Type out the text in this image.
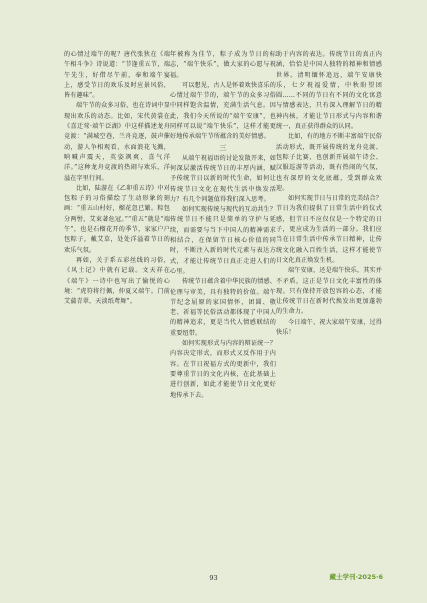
的心情过端午的呢？唐代张狄在《端午相斗争》诗说道：“节逢重五节，端午先生，好借尽午前，奉和端午宴上，感受节日的欢乐及时应景风俗，皆有趣味”。

端午节的众多习俗，也在诗词中显现出欢乐的动态。比如，宋代黄裳在《喜迁莺·端午泛湖》中这样描述龙舟竞渡：“满城空巷，兰舟竞逐，鼓声催动，游人争相观看，水面浪花飞溅，呐喊声震天，英姿飒爽，喜气洋洋。”这种龙舟竞渡的热闹与欢乐，洋溢在字里行间。

比如，陆游在《乙卯重五诗》中对包粽子的习俗描绘了生动形象的刻画：“重五山村好，榴花忽已繁。粽包分两髻，艾束著危冠。”“重五”就是“端午”，也是石榴花开的季节，家家户户包粽子，戴艾草，处处洋溢着节日的欢乐气氛。

再如，关于系五彩丝线的习俗，《风土记》中就有记载。文天祥在《端午》一诗中也写出了愉悦的心境：“虎符将行佩，仲夏又端午。门前艾蒲青翠，天淡纸鸢舞”。

年被称为佳节，粽子成为节日的标志，“端午快乐”，做大家的心愿与祝福。

可以想见，古人是怀着欢快喜乐的心情过端午节的，端午节的众多习俗中同样饱含温情，充满生活气息。因此，我们今天所说的“端午安康”，也同样可以说“端午快乐”，这样才能更好地传承端午节所蕴含的美好情感。

三

从端午祝福语的讨论发散开来，如何深层激活传统节日的丰厚内涵，赋予传统节日以新的时代生命，如何让传统节日文化在现代生活中焕发活力？有几个问题值得我们深入思考。

如何实现传统与现代的互动共生？传统节日不能只是简单的守护与延续，而需要与当下中国人的精神需求相结合，在保留节日核心价值的同时，不断注入新的时代元素与表达方式，才能让传统节日真正走进人们的心里。

传统节日蕴含着中华民族的情感、伦理与审美，具有独特的价值。端午节纪念屈原的家国情怀，团圆、敬老、祈福等民俗活动都体现了中国人的精神追求，更是当代人情感联结的重要纽带。

如何实现形式与内容的辩证统一？内容决定形式，而形式又反作用于内容。在节日祝福方式的更新中，我们要尊重节日的文化内核，在此基础上进行创新，如此才能使节日文化更好地传承下去。

助于内容的表达。传统节日的真正内涵，恰恰是中国人独特的精神和情感世界。清明缅怀追远，端午安康快乐，七夕祝福爱情，中秋盼望团圆……不同的节日有不同的文化寓意与情感表达，只有深入理解节日的精神内核，才能让节日形式与内容和谐统一，真正获得群众的认同。

比如，有的地方不断丰富端午民俗活动形式，既开展传统的龙舟竞渡、包粽子比赛，也创新开展端午诗会、汉服巡游等活动，既有热闹的气氛，也有深厚的文化底蕴，受到群众欢迎。

如何实现节日与日常的完美结合？节日为我们提供了日常生活中的仪式感，但节日不应仅仅是一个特定的日子，更应成为生活的一部分。我们应当在日常生活中传承节日精神，让传统文化融入百姓生活，这样才能使节日文化真正焕发生机。

端午安康，还是端午快乐，其实并不矛盾，这正是节日文化丰富性的体现。只有保持开放包容的心态，才能让传统节日在新时代焕发出更加蓬勃的生命力。

今日端午，祝大家端午安康，过得快乐！

93	藏土学刊·2025·6
